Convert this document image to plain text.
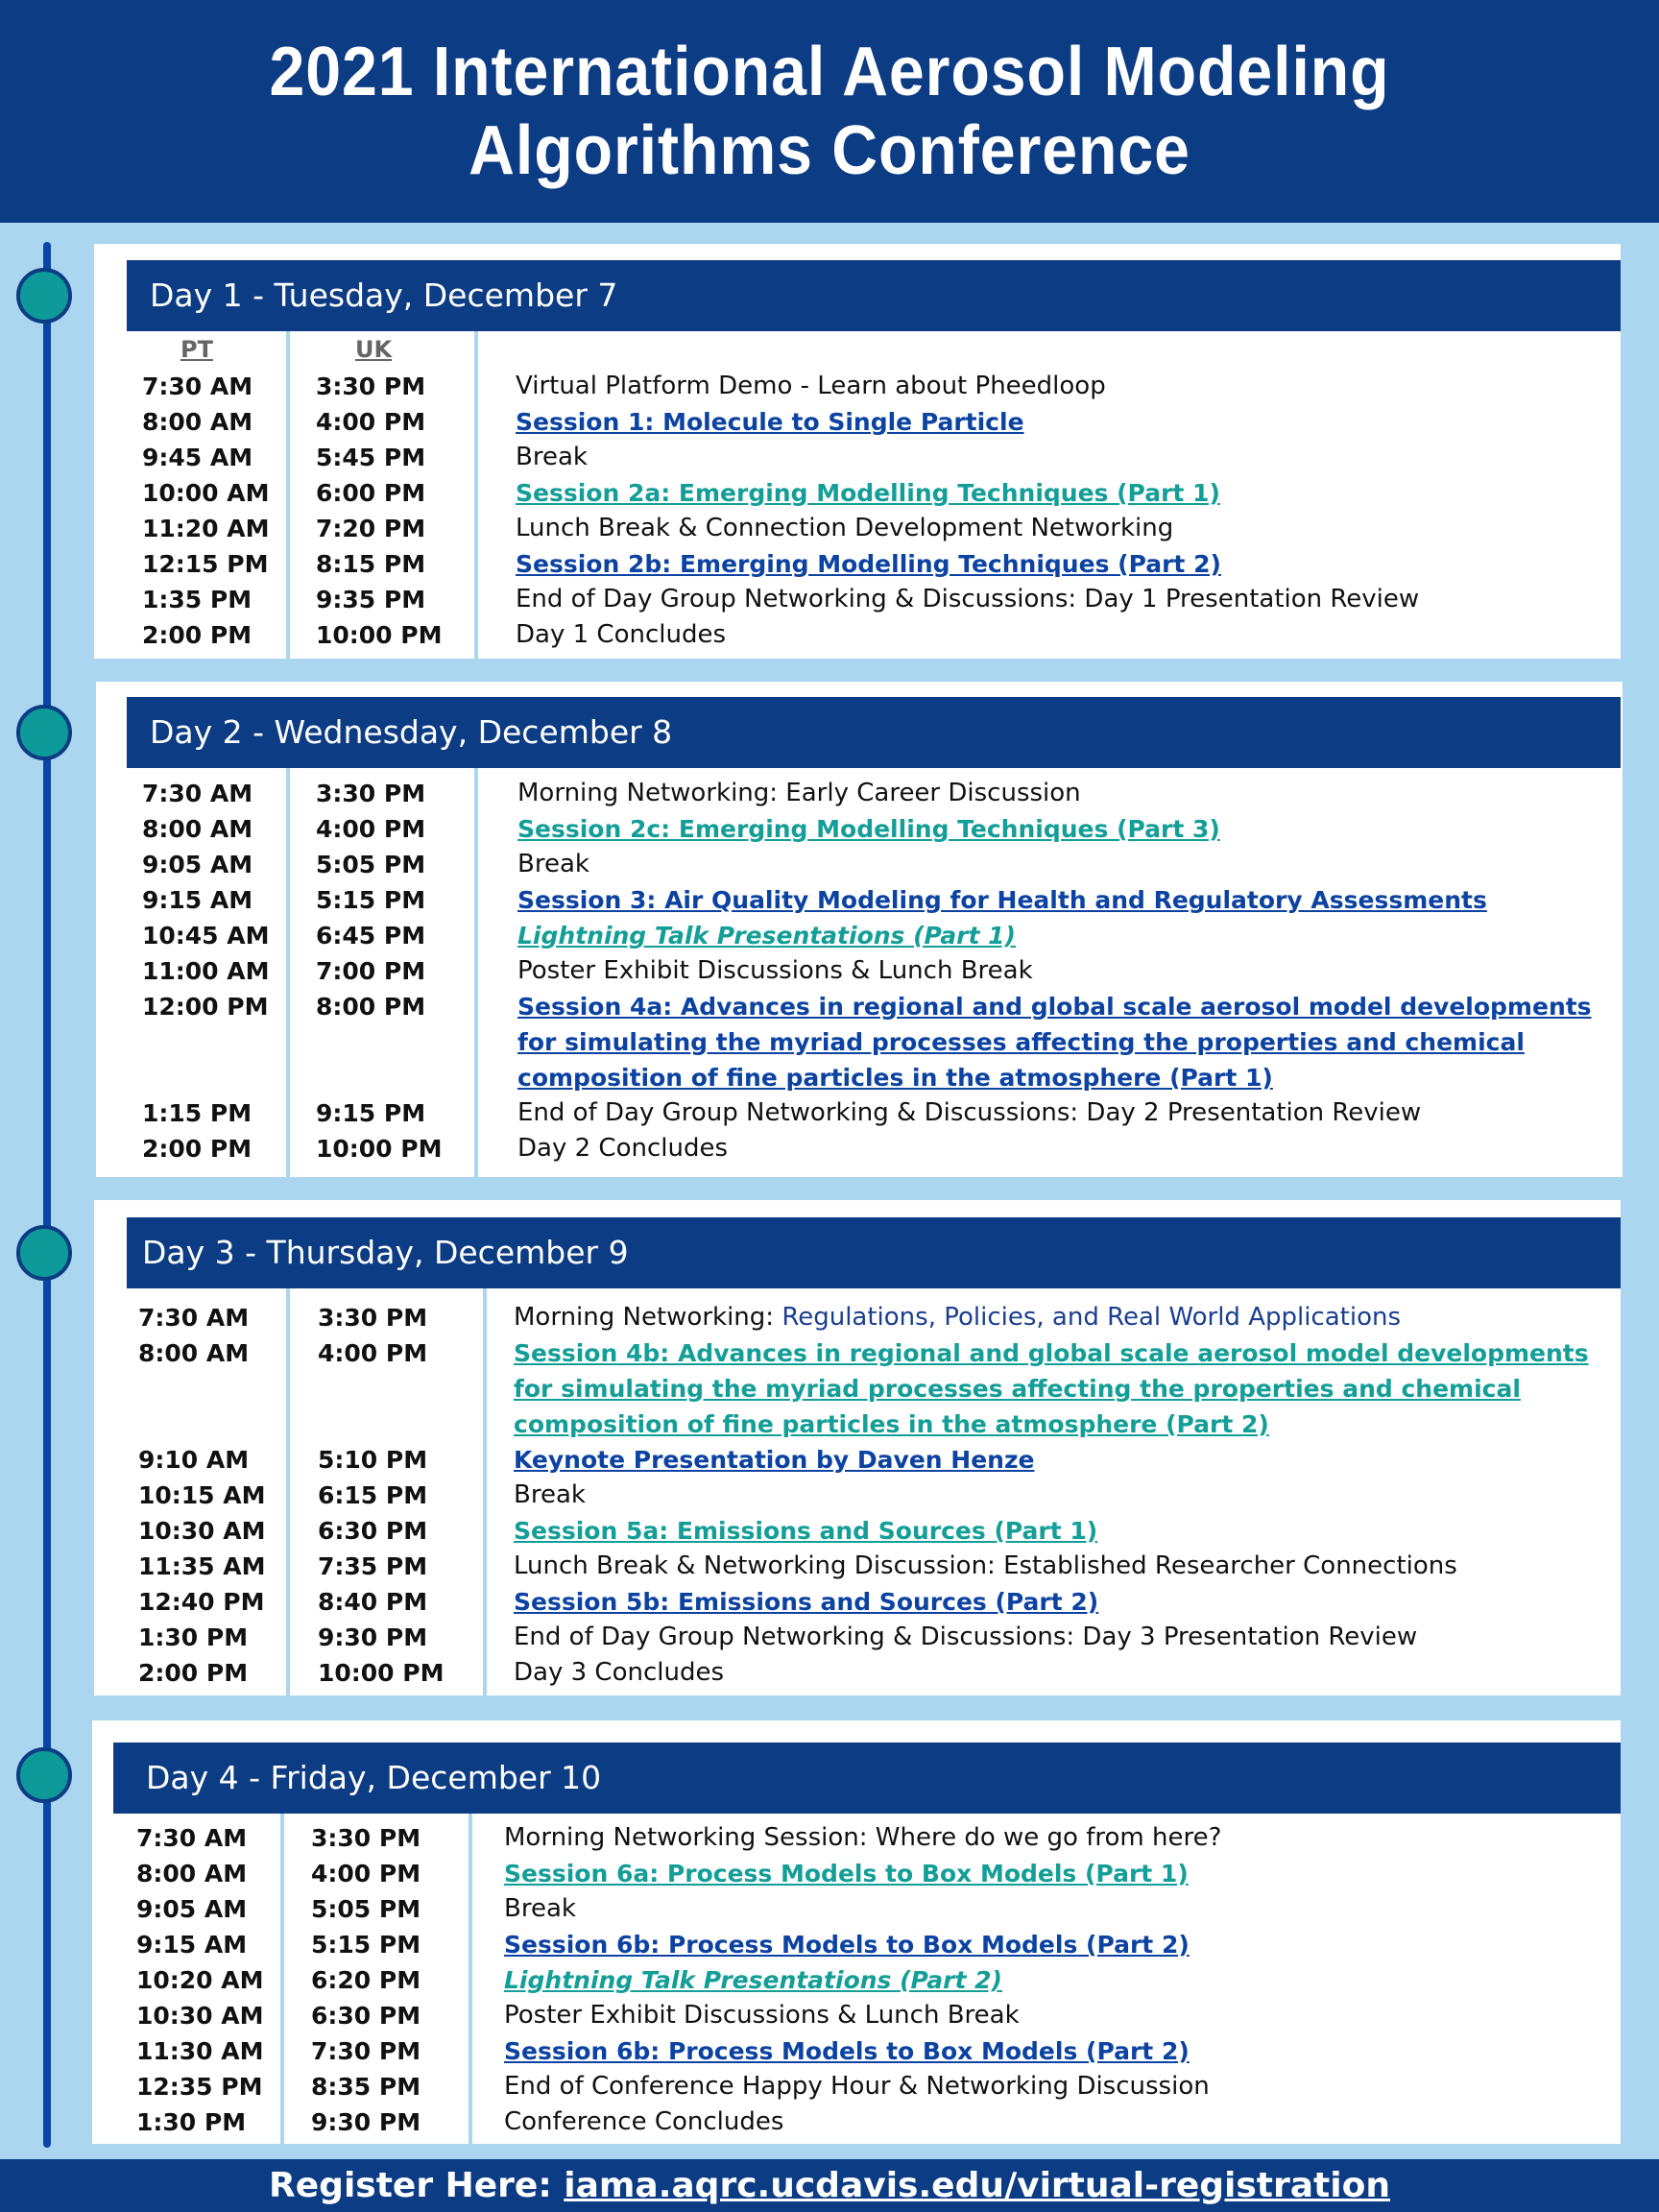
2021 International Aerosol Modeling
Algorithms Conference
Day 1 - Tuesday, December 7
PT	UK
7:30 AM	3:30 PM	Virtual Platform Demo - Learn about Pheedloop
8:00 AM	4:00 PM	Session 1: Molecule to Single Particle
9:45 AM	5:45 PM	Break
10:00 AM 6:00 PM	Session 2a: Emerging Modelling Techniques (Part 1)
11:20 AM 7:20 PM	Lunch Break & Connection Development Networking
12:15 PM 8:15 PM	Session 2b: Emerging Modelling Techniques (Part 2)
1:35 PM	9:35 PM	End of Day Group Networking & Discussions: Day 1 Presentation Review
2:00 PM	10:00 PM	Day 1 Concludes
Day 2 - Wednesday, December 8
7:30 AM	3:30 PM	Morning Networking: Early Career Discussion
8:00 AM	4:00 PM	Session 2c: Emerging Modelling Techniques (Part 3)
9:05 AM	5:05 PM	Break
9:15 AM	5:15 PM	Session 3: Air Quality Modeling for Health and Regulatory Assessments
10:45 AM 6:45 PM	Lightning Talk Presentations (Part 1)
11:00 AM 7:00 PM	Poster Exhibit Discussions & Lunch Break
12:00 PM 8:00 PM	Session 4a: Advances in regional and global scale aerosol model developments for simulating the myriad processes affecting the properties and chemical composition of fine particles in the atmosphere (Part 1)
1:15 PM	9:15 PM	End of Day Group Networking & Discussions: Day 2 Presentation Review
2:00 PM	10:00 PM	Day 2 Concludes
Day 3 - Thursday, December 9
7:30 AM	3:30 PM	Morning Networking: Regulations, Policies, and Real World Applications
8:00 AM	4:00 PM	Session 4b: Advances in regional and global scale aerosol model developments for simulating the myriad processes affecting the properties and chemical composition of fine particles in the atmosphere (Part 2)
9:10 AM	5:10 PM	Keynote Presentation by Daven Henze
10:15 AM 6:15 PM	Break
10:30 AM 6:30 PM	Session 5a: Emissions and Sources (Part 1)
11:35 AM 7:35 PM	Lunch Break & Networking Discussion: Established Researcher Connections
12:40 PM 8:40 PM	Session 5b: Emissions and Sources (Part 2)
1:30 PM	9:30 PM	End of Day Group Networking & Discussions: Day 3 Presentation Review
2:00 PM	10:00 PM	Day 3 Concludes
Day 4 - Friday, December 10
7:30 AM	3:30 PM	Morning Networking Session: Where do we go from here?
8:00 AM	4:00 PM	Session 6a: Process Models to Box Models (Part 1)
9:05 AM	5:05 PM	Break
9:15 AM	5:15 PM	Session 6b: Process Models to Box Models (Part 2)
10:20 AM 6:20 PM	Lightning Talk Presentations (Part 2)
10:30 AM 6:30 PM	Poster Exhibit Discussions & Lunch Break
11:30 AM 7:30 PM	Session 6b: Process Models to Box Models (Part 2)
12:35 PM 8:35 PM	End of Conference Happy Hour & Networking Discussion
1:30 PM	9:30 PM	Conference Concludes
Register Here: iama.aqrc.ucdavis.edu/virtual-registration
